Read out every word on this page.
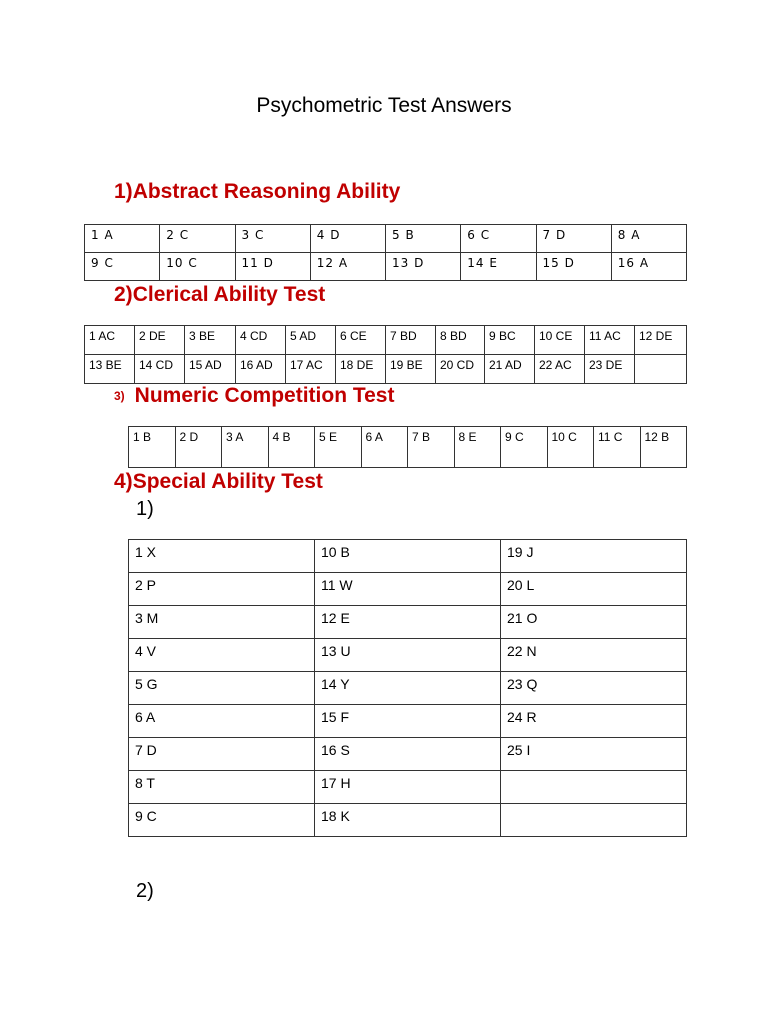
Psychometric Test Answers
1)Abstract Reasoning Ability
1 A	2 C	3 C	4 D	5 B	6 C	7 D	8 A
9 C	10 C	11 D	12 A	13 D	14 E	15 D	16 A
2)Clerical Ability Test
1 AC	2 DE	3 BE	4 CD	5 AD	6 CE	7 BD	8 BD	9 BC	10 CE	11 AC	12 DE
13 BE	14 CD	15 AD	16 AD	17 AC	18 DE	19 BE	20 CD	21 AD	22 AC	23 DE	
3) Numeric Competition Test
1 B	2 D	3 A	4 B	5 E	6 A	7 B	8 E	9 C	10 C	11 C	12 B
4)Special Ability Test
1)
1 X	10 B	19 J
2 P	11 W	20 L
3 M	12 E	21 O
4 V	13 U	22 N
5 G	14 Y	23 Q
6 A	15 F	24 R
7 D	16 S	25 I
8 T	17 H	
9 C	18 K	
2)
